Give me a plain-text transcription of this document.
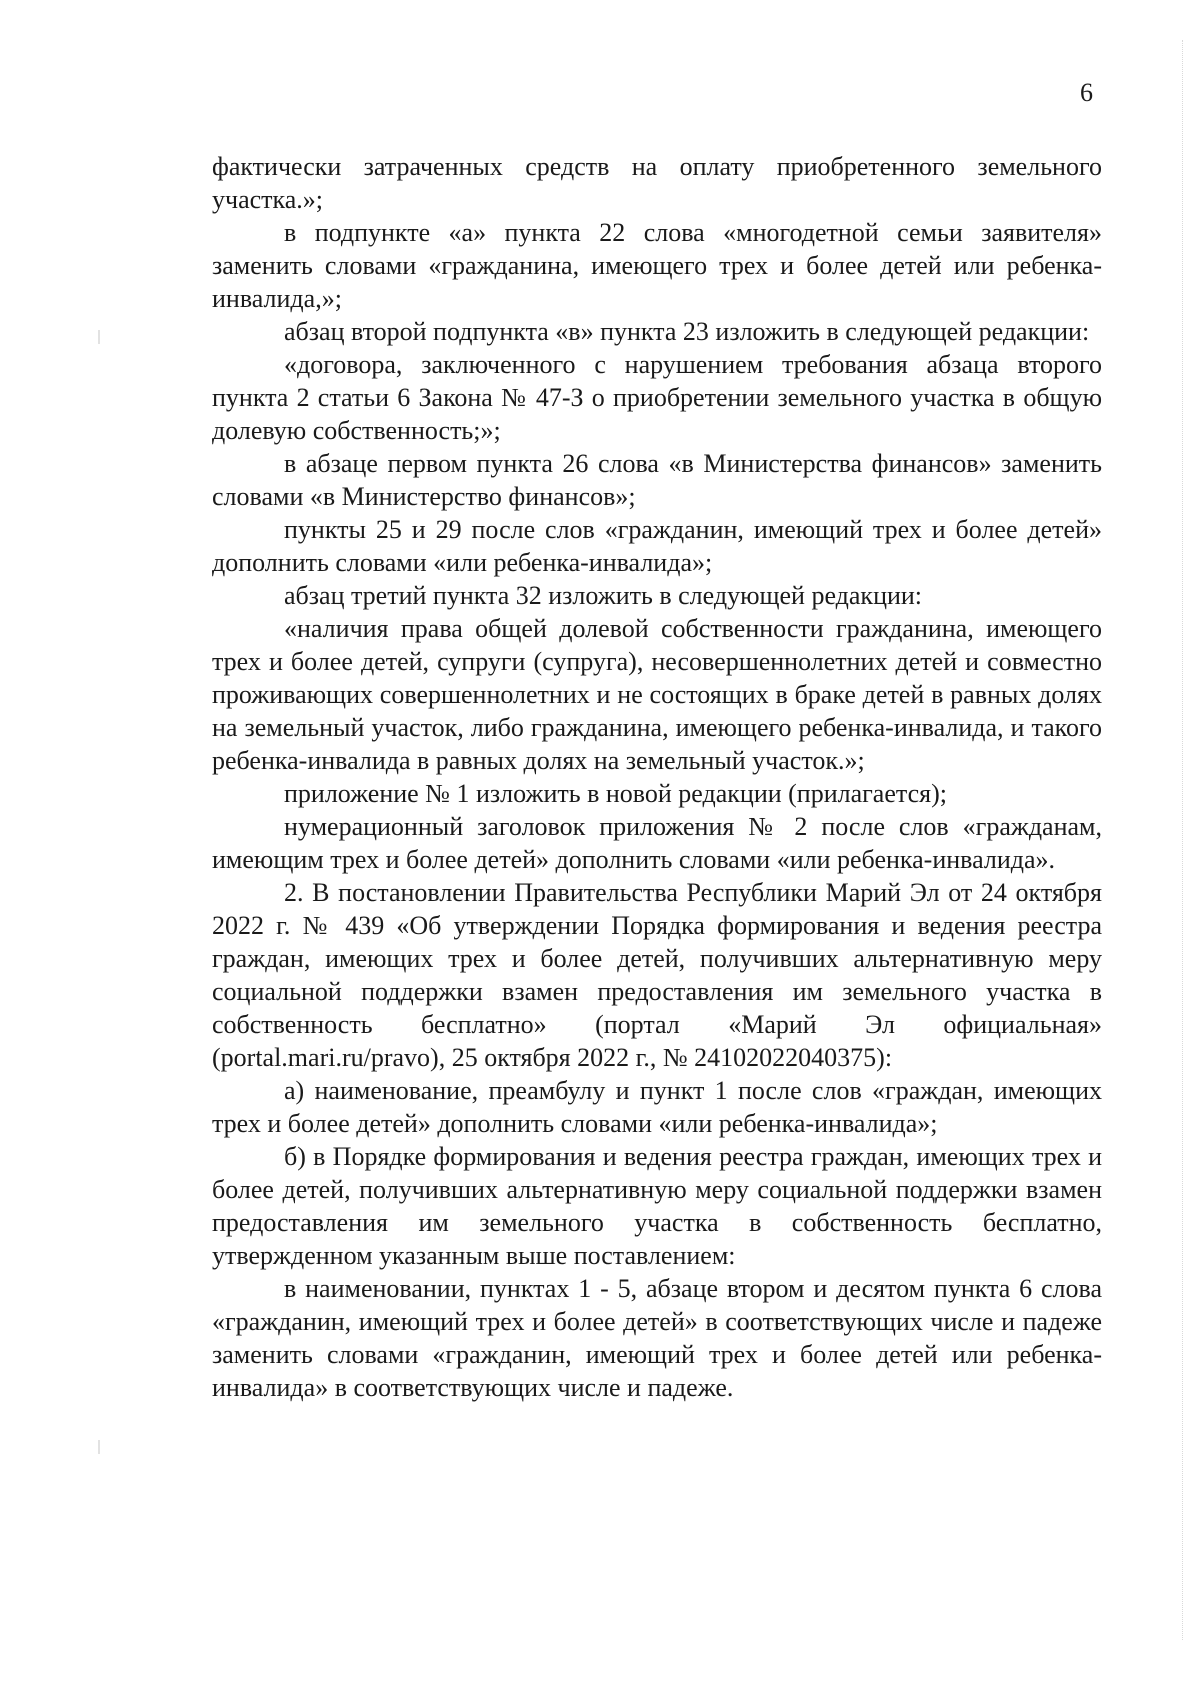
6

фактически затраченных средств на оплату приобретенного земельного участка.»;

в подпункте «а» пункта 22 слова «многодетной семьи заявителя» заменить словами «гражданина, имеющего трех и более детей или ребенка-инвалида,»;

абзац второй подпункта «в» пункта 23 изложить в следующей редакции:

«договора, заключенного с нарушением требования абзаца второго пункта 2 статьи 6 Закона № 47-З о приобретении земельного участка в общую долевую собственность;»;

в абзаце первом пункта 26 слова «в Министерства финансов» заменить словами «в Министерство финансов»;

пункты 25 и 29 после слов «гражданин, имеющий трех и более детей» дополнить словами «или ребенка-инвалида»;

абзац третий пункта 32 изложить в следующей редакции:

«наличия права общей долевой собственности гражданина, имеющего трех и более детей, супруги (супруга), несовершеннолетних детей и совместно проживающих совершеннолетних и не состоящих в браке детей в равных долях на земельный участок, либо гражданина, имеющего ребенка-инвалида, и такого ребенка-инвалида в равных долях на земельный участок.»;

приложение № 1 изложить в новой редакции (прилагается);

нумерационный заголовок приложения № 2 после слов «гражданам, имеющим трех и более детей» дополнить словами «или ребенка-инвалида».

2. В постановлении Правительства Республики Марий Эл от 24 октября 2022 г. № 439 «Об утверждении Порядка формирования и ведения реестра граждан, имеющих трех и более детей, получивших альтернативную меру социальной поддержки взамен предоставления им земельного участка в собственность бесплатно» (портал «Марий Эл официальная» (portal.mari.ru/pravo), 25 октября 2022 г., № 24102022040375):

а) наименование, преамбулу и пункт 1 после слов «граждан, имеющих трех и более детей» дополнить словами «или ребенка-инвалида»;

б) в Порядке формирования и ведения реестра граждан, имеющих трех и более детей, получивших альтернативную меру социальной поддержки взамен предоставления им земельного участка в собственность бесплатно, утвержденном указанным выше поставлением:

в наименовании, пунктах 1 - 5, абзаце втором и десятом пункта 6 слова «гражданин, имеющий трех и более детей» в соответствующих числе и падеже заменить словами «гражданин, имеющий трех и более детей или ребенка-инвалида» в соответствующих числе и падеже.
